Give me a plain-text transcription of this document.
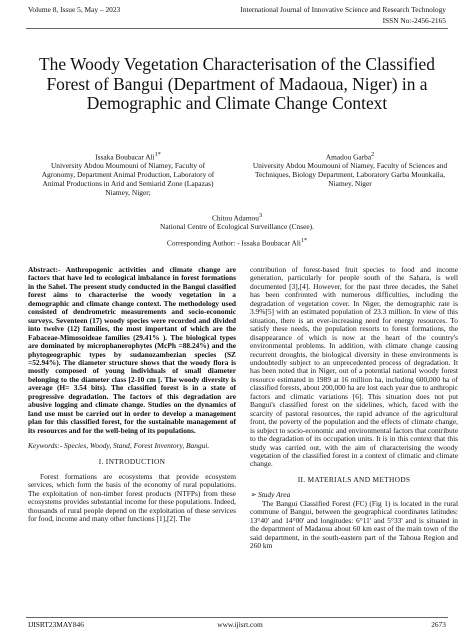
Volume 8, Issue 5, May – 2023	International Journal of Innovative Science and Research Technology
ISSN No:-2456-2165
The Woody Vegetation Characterisation of the Classified Forest of Bangui (Department of Madaoua, Niger) in a Demographic and Climate Change Context
Issaka Boubacar Ali$^{1*}$
University Abdou Moumouni of Niamey, Faculty of Agronomy, Department Animal Production, Laboratory of Animal Productions in Arid and Semiarid Zone (Lapazas) Niamey, Niger;
Amadou Garba$^2$
University Abdou Moumouni of Niamey, Faculty of Sciences and Techniques, Biology Department, Laboratory Garba Mounkaila, Niamey, Niger
Chitou Adamou$^3$
National Centre of Ecological Surveillance (Cnsee).
Corresponding Author: - Issaka Boubacar Ali$^{1*}$
Abstract:- Anthropogenic activities and climate change are factors that have led to ecological imbalance in forest formations in the Sahel. The present study conducted in the Bangui classified forest aims to characterise the woody vegetation in a demographic and climate change context. The methodology used consisted of dendrometric measurements and socio-economic surveys. Seventeen (17) woody species were recorded and divided into twelve (12) families, the most important of which are the Fabaceae-Mimosoideae families (29.41% ). The biological types are dominated by microphanerophytes (McPh =88.24%) and the phytogeographic types by sudanozambezian species (SZ =52.94%). The diameter structure shows that the woody flora is mostly composed of young individuals of small diameter belonging to the diameter class [2-10 cm [. The woody diversity is average (H= 3.54 bits). The classified forest is in a state of progressive degradation. The factors of this degradation are abusive logging and climate change. Studies on the dynamics of land use must be carried out in order to develop a management plan for this classified forest, for the sustainable management of its resources and for the well-being of its populations.
Keywords:- Species, Woody, Stand, Forest Inventory, Bangui.
I. INTRODUCTION
Forest formations are ecosystems that provide ecosystem services, which form the basis of the economy of rural populations. The exploitation of non-timber forest products (NTFPs) from these ecosystems provides substantial income for these populations. Indeed, thousands of rural people depend on the exploitation of these services for food, income and many other functions [1],[2]. The
contribution of forest-based fruit species to food and income generation, particularly for people south of the Sahara, is well documented [3],[4]. However, for the past three decades, the Sahel has been confronted with numerous difficulties, including the degradation of vegetation cover. In Niger, the demographic rate is 3.9%[5] with an estimated population of 23.3 million. In view of this situation, there is an ever-increasing need for energy resources. To satisfy these needs, the population resorts to forest formations, the disappearance of which is now at the heart of the country's environmental problems. In addition, with climate change causing recurrent droughts, the biological diversity in these environments is undoubtedly subject to an unprecedented process of degradation. It has been noted that in Niger, out of a potential national woody forest resource estimated in 1989 at 16 million ha, including 600,000 ha of classified forests, about 200,000 ha are lost each year due to anthropic factors and climatic variations [6]. This situation does not put Bangui's classified forest on the sidelines, which, faced with the scarcity of pastoral resources, the rapid advance of the agricultural front, the poverty of the population and the effects of climate change, is subject to socio-economic and environmental factors that contribute to the degradation of its occupation units. It is in this context that this study was carried out, with the aim of characterising the woody vegetation of the classified forest in a context of climatic and climate change.
II. MATERIALS AND METHODS
➢ Study Area
The Bangui Classified Forest (FC) (Fig 1) is located in the rural commune of Bangui, between the geographical coordinates latitudes: 13°40' and 14°00' and longitudes: 6°11' and 5°33' and is situated in the department of Madaoua about 60 km east of the main town of the said department, in the south-eastern part of the Tahoua Region and 260 km
IJISRT23MAY846	www.ijisrt.com	2673
